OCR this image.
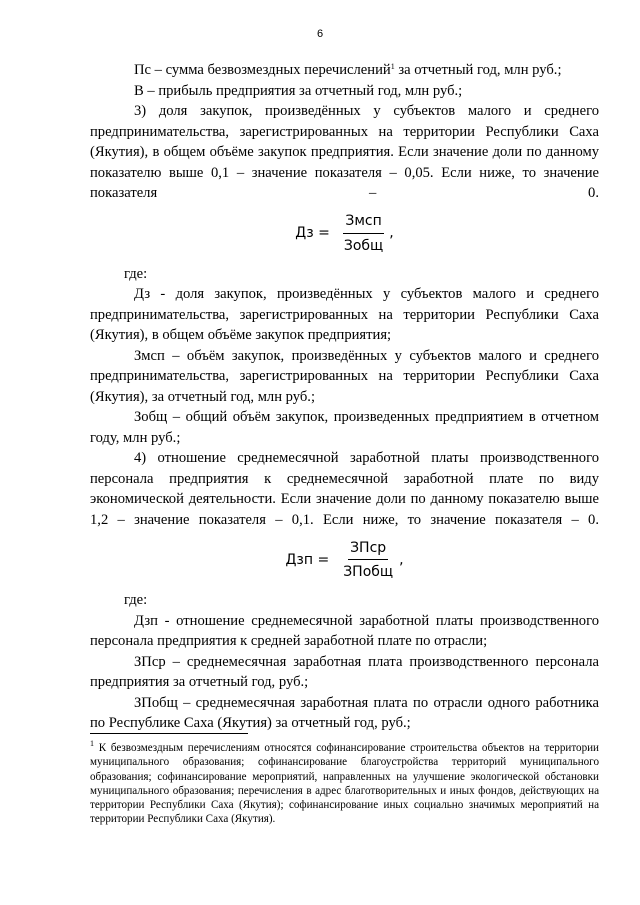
6

Пс – сумма безвозмездных перечислений$^1$ за отчетный год, млн руб.;

В – прибыль предприятия за отчетный год, млн руб.;

3) доля закупок, произведённых у субъектов малого и среднего предпринимательства, зарегистрированных на территории Республики Саха (Якутия), в общем объёме закупок предприятия. Если значение доли по данному показателю выше 0,1 – значение показателя – 0,05. Если ниже, то значение показателя – 0.

Дз = $\frac{\text{Змсп}}{\text{Зобщ}}$ ,

где:

Дз - доля закупок, произведённых у субъектов малого и среднего предпринимательства, зарегистрированных на территории Республики Саха (Якутия), в общем объёме закупок предприятия;

Змсп – объём закупок, произведённых у субъектов малого и среднего предпринимательства, зарегистрированных на территории Республики Саха (Якутия), за отчетный год, млн руб.;

Зобщ – общий объём закупок, произведенных предприятием в отчетном году, млн руб.;

4) отношение среднемесячной заработной платы производственного персонала предприятия к среднемесячной заработной плате по виду экономической деятельности. Если значение доли по данному показателю выше 1,2 – значение показателя – 0,1. Если ниже, то значение показателя – 0.

Дзп = $\frac{\text{ЗПср}}{\text{ЗПобщ}}$ ,

где:

Дзп - отношение среднемесячной заработной платы производственного персонала предприятия к средней заработной плате по отрасли;

ЗПср – среднемесячная заработная плата производственного персонала предприятия за отчетный год, руб.;

ЗПобщ – среднемесячная заработная плата по отрасли одного работника по Республике Саха (Якутия) за отчетный год, руб.;

$^1$ К безвозмездным перечислениям относятся софинансирование строительства объектов на территории муниципального образования; софинансирование благоустройства территорий муниципального образования; софинансирование мероприятий, направленных на улучшение экологической обстановки муниципального образования; перечисления в адрес благотворительных и иных фондов, действующих на территории Республики Саха (Якутия); софинансирование иных социально значимых мероприятий на территории Республики Саха (Якутия).
